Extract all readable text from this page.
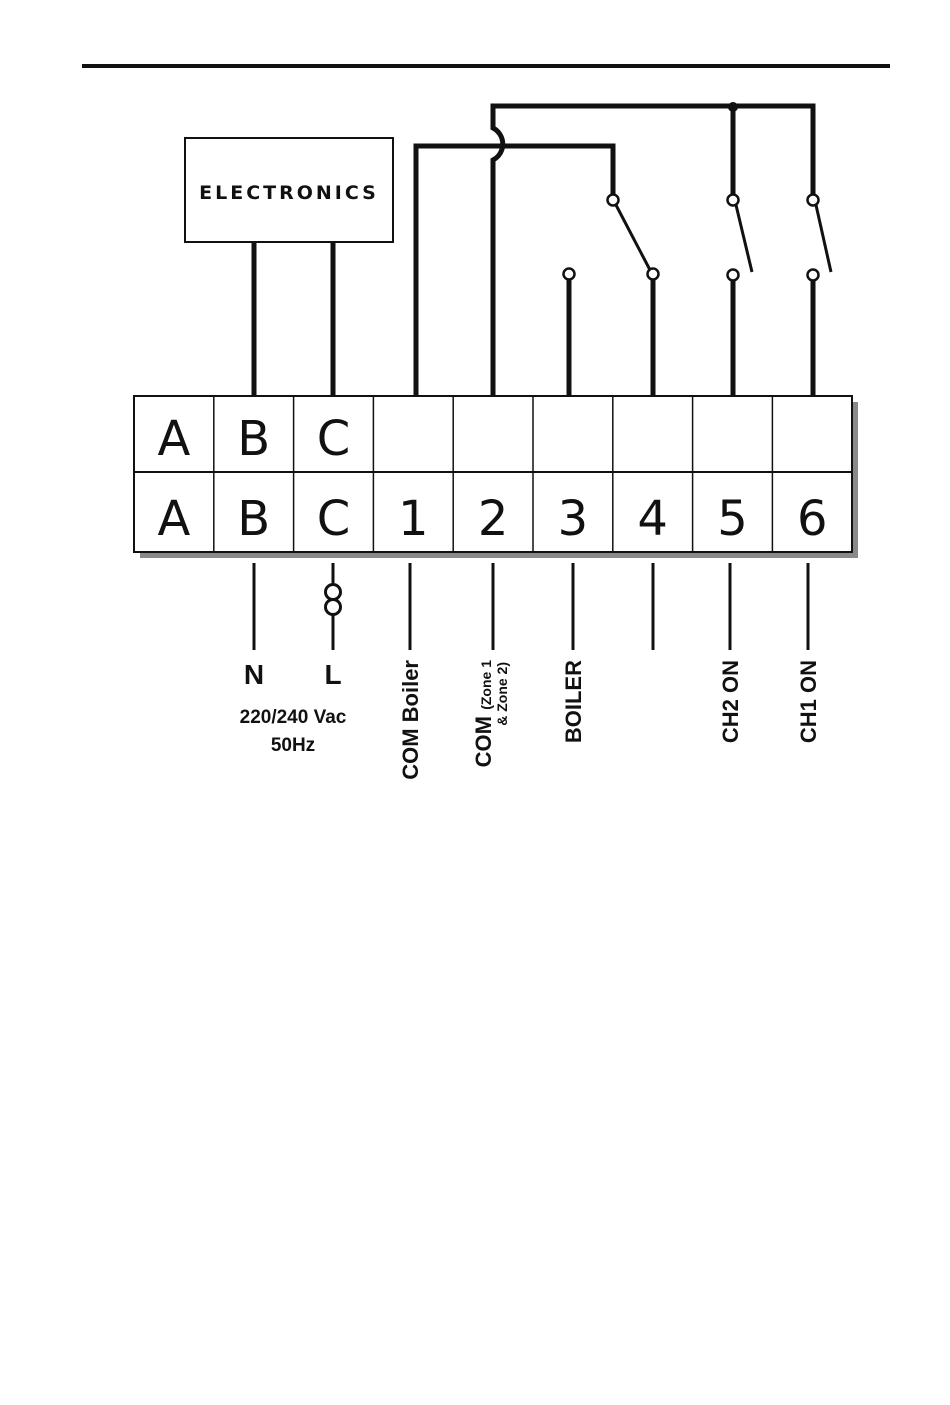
ELECTRONICS
A B C
A B C 1 2 3 4 5 6
N L
220/240 Vac
50Hz	COM Boiler	(Zone 1
COM
& Zone 2) BOILER	CH2 ON CH1 ON
